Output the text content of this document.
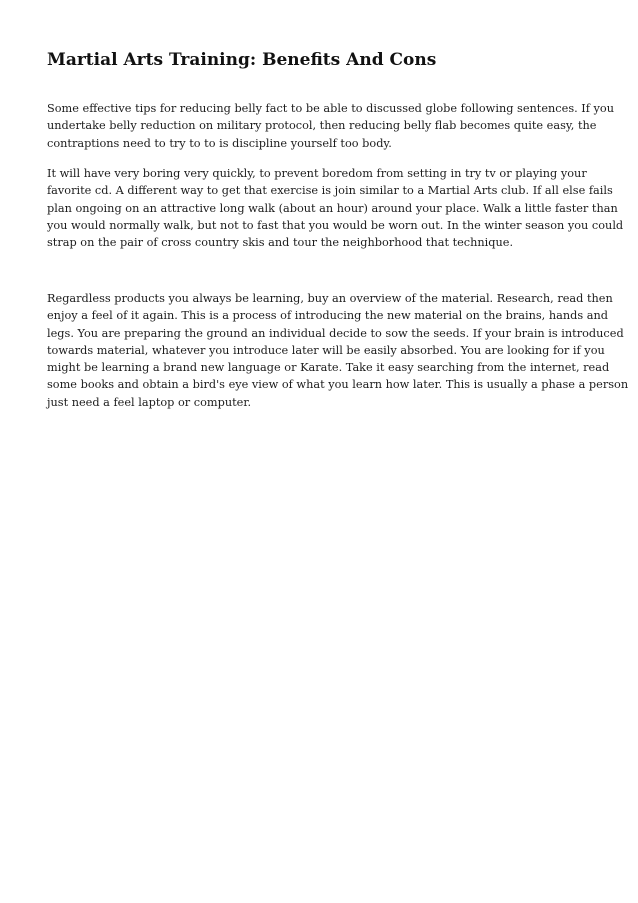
Martial Arts Training: Benefits And Cons

Some effective tips for reducing belly fact to be able to discussed globe following sentences. If you
undertake belly reduction on military protocol, then reducing belly flab becomes quite easy, the
contraptions need to try to to is discipline yourself too body.

It will have very boring very quickly, to prevent boredom from setting in try tv or playing your
favorite cd. A different way to get that exercise is join similar to a Martial Arts club. If all else fails
plan ongoing on an attractive long walk (about an hour) around your place. Walk a little faster than
you would normally walk, but not to fast that you would be worn out. In the winter season you could
strap on the pair of cross country skis and tour the neighborhood that technique.

Regardless products you always be learning, buy an overview of the material. Research, read then
enjoy a feel of it again. This is a process of introducing the new material on the brains, hands and
legs. You are preparing the ground an individual decide to sow the seeds. If your brain is introduced
towards material, whatever you introduce later will be easily absorbed. You are looking for if you
might be learning a brand new language or Karate. Take it easy searching from the internet, read
some books and obtain a bird's eye view of what you learn how later. This is usually a phase a person
just need a feel laptop or computer.
